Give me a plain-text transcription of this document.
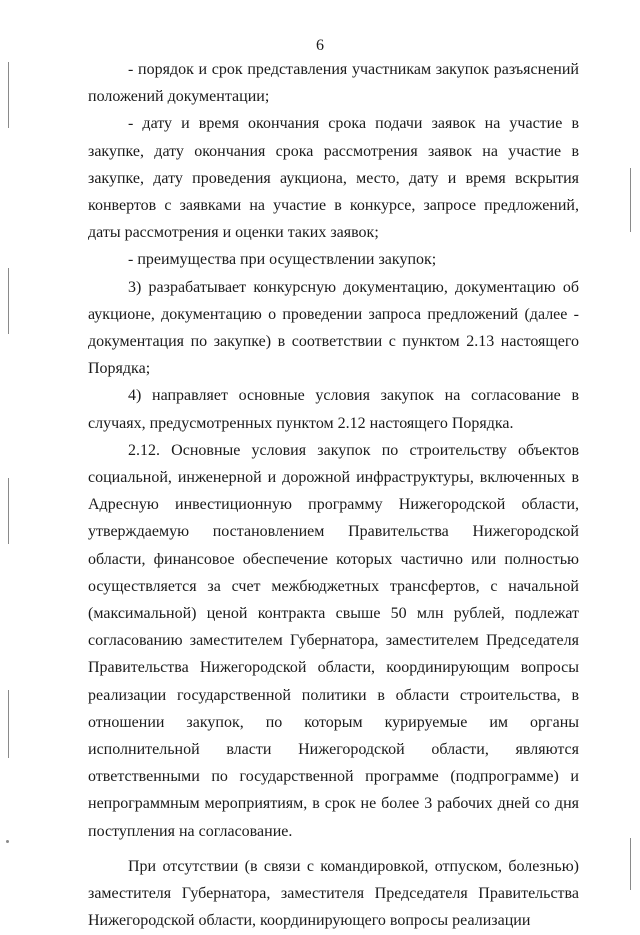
6

- порядок и срок представления участникам закупок разъяснений положений документации;

- дату и время окончания срока подачи заявок на участие в закупке, дату окончания срока рассмотрения заявок на участие в закупке, дату проведения аукциона, место, дату и время вскрытия конвертов с заявками на участие в конкурсе, запросе предложений, даты рассмотрения и оценки таких заявок;

- преимущества при осуществлении закупок;

3) разрабатывает конкурсную документацию, документацию об аукционе, документацию о проведении запроса предложений (далее - документация по закупке) в соответствии с пунктом 2.13 настоящего Порядка;

4) направляет основные условия закупок на согласование в случаях, предусмотренных пунктом 2.12 настоящего Порядка.

2.12. Основные условия закупок по строительству объектов социальной, инженерной и дорожной инфраструктуры, включенных в Адресную инвестиционную программу Нижегородской области, утверждаемую постановлением Правительства Нижегородской области, финансовое обеспечение которых частично или полностью осуществляется за счет межбюджетных трансфертов, с начальной (максимальной) ценой контракта свыше 50 млн рублей, подлежат согласованию заместителем Губернатора, заместителем Председателя Правительства Нижегородской области, координирующим вопросы реализации государственной политики в области строительства, в отношении закупок, по которым курируемые им органы исполнительной власти Нижегородской области, являются ответственными по государственной программе (подпрограмме) и непрограммным мероприятиям, в срок не более 3 рабочих дней со дня поступления на согласование.

При отсутствии (в связи с командировкой, отпуском, болезнью) заместителя Губернатора, заместителя Председателя Правительства Нижегородской области, координирующего вопросы реализации
